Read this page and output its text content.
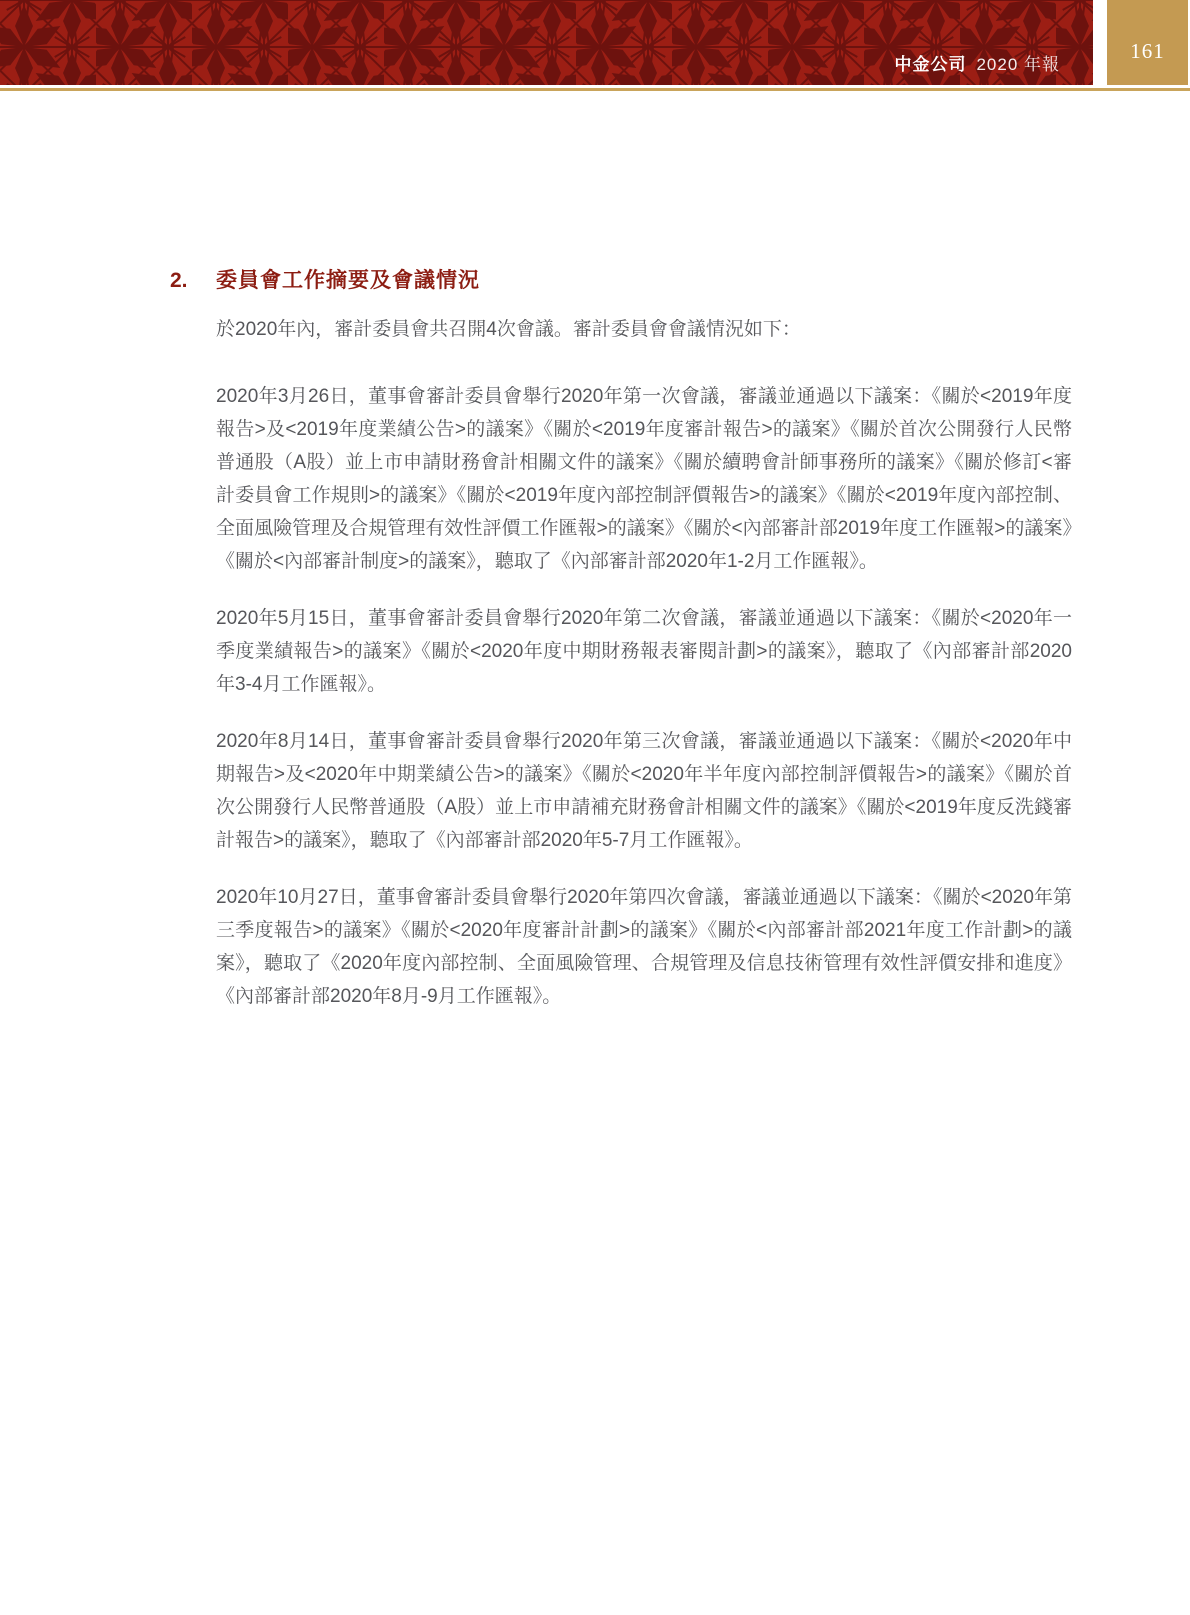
中金公司 2020 年報
161
2.	委員會工作摘要及會議情況

於2020年內，審計委員會共召開4次會議。審計委員會會議情況如下：

2020年3月26日，董事會審計委員會舉行2020年第一次會議，審議並通過以下議案：《關於<2019年度報告>及<2019年度業績公告>的議案》《關於<2019年度審計報告>的議案》《關於首次公開發行人民幣普通股（A股）並上市申請財務會計相關文件的議案》《關於續聘會計師事務所的議案》《關於修訂<審計委員會工作規則>的議案》《關於<2019年度內部控制評價報告>的議案》《關於<2019年度內部控制、全面風險管理及合規管理有效性評價工作匯報>的議案》《關於<內部審計部2019年度工作匯報>的議案》《關於<內部審計制度>的議案》，聽取了《內部審計部2020年1-2月工作匯報》。

2020年5月15日，董事會審計委員會舉行2020年第二次會議，審議並通過以下議案：《關於<2020年一季度業績報告>的議案》《關於<2020年度中期財務報表審閱計劃>的議案》，聽取了《內部審計部2020年3-4月工作匯報》。

2020年8月14日，董事會審計委員會舉行2020年第三次會議，審議並通過以下議案：《關於<2020年中期報告>及<2020年中期業績公告>的議案》《關於<2020年半年度內部控制評價報告>的議案》《關於首次公開發行人民幣普通股（A股）並上市申請補充財務會計相關文件的議案》《關於<2019年度反洗錢審計報告>的議案》，聽取了《內部審計部2020年5-7月工作匯報》。

2020年10月27日，董事會審計委員會舉行2020年第四次會議，審議並通過以下議案：《關於<2020年第三季度報告>的議案》《關於<2020年度審計計劃>的議案》《關於<內部審計部2021年度工作計劃>的議案》，聽取了《2020年度內部控制、全面風險管理、合規管理及信息技術管理有效性評價安排和進度》《內部審計部2020年8月-9月工作匯報》。
